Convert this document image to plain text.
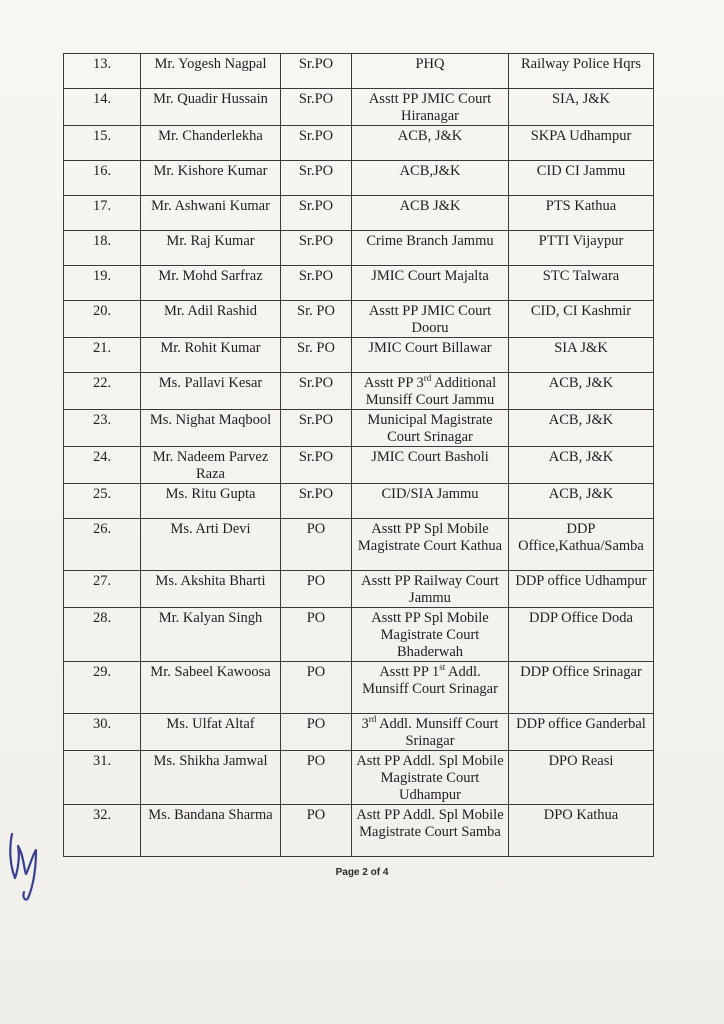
13.	Mr. Yogesh Nagpal	Sr.PO	PHQ	Railway Police Hqrs
14.	Mr. Quadir Hussain	Sr.PO	Asstt PP JMIC Court Hiranagar	SIA, J&K
15.	Mr. Chanderlekha	Sr.PO	ACB, J&K	SKPA Udhampur
16.	Mr. Kishore Kumar	Sr.PO	ACB,J&K	CID CI Jammu
17.	Mr. Ashwani Kumar	Sr.PO	ACB J&K	PTS Kathua
18.	Mr. Raj Kumar	Sr.PO	Crime Branch Jammu	PTTI Vijaypur
19.	Mr. Mohd Sarfraz	Sr.PO	JMIC Court Majalta	STC Talwara
20.	Mr. Adil Rashid	Sr. PO	Asstt PP JMIC Court Dooru	CID, CI Kashmir
21.	Mr. Rohit Kumar	Sr. PO	JMIC Court Billawar	SIA J&K
22.	Ms. Pallavi Kesar	Sr.PO	Asstt PP 3rd Additional Munsiff Court Jammu	ACB, J&K
23.	Ms. Nighat Maqbool	Sr.PO	Municipal Magistrate Court Srinagar	ACB, J&K
24.	Mr. Nadeem Parvez Raza	Sr.PO	JMIC Court Basholi	ACB, J&K
25.	Ms. Ritu Gupta	Sr.PO	CID/SIA Jammu	ACB, J&K
26.	Ms. Arti Devi	PO	Asstt PP Spl Mobile Magistrate Court Kathua	DDP Office,Kathua/Samba
27.	Ms. Akshita Bharti	PO	Asstt PP Railway Court Jammu	DDP office Udhampur
28.	Mr. Kalyan Singh	PO	Asstt PP Spl Mobile Magistrate Court Bhaderwah	DDP Office Doda
29.	Mr. Sabeel Kawoosa	PO	Asstt PP 1st Addl. Munsiff Court Srinagar	DDP Office Srinagar
30.	Ms. Ulfat Altaf	PO	3rd Addl. Munsiff Court Srinagar	DDP office Ganderbal
31.	Ms. Shikha Jamwal	PO	Astt PP Addl. Spl Mobile Magistrate Court Udhampur	DPO Reasi
32.	Ms. Bandana Sharma	PO	Astt PP Addl. Spl Mobile Magistrate Court Samba	DPO Kathua
Page 2 of 4
